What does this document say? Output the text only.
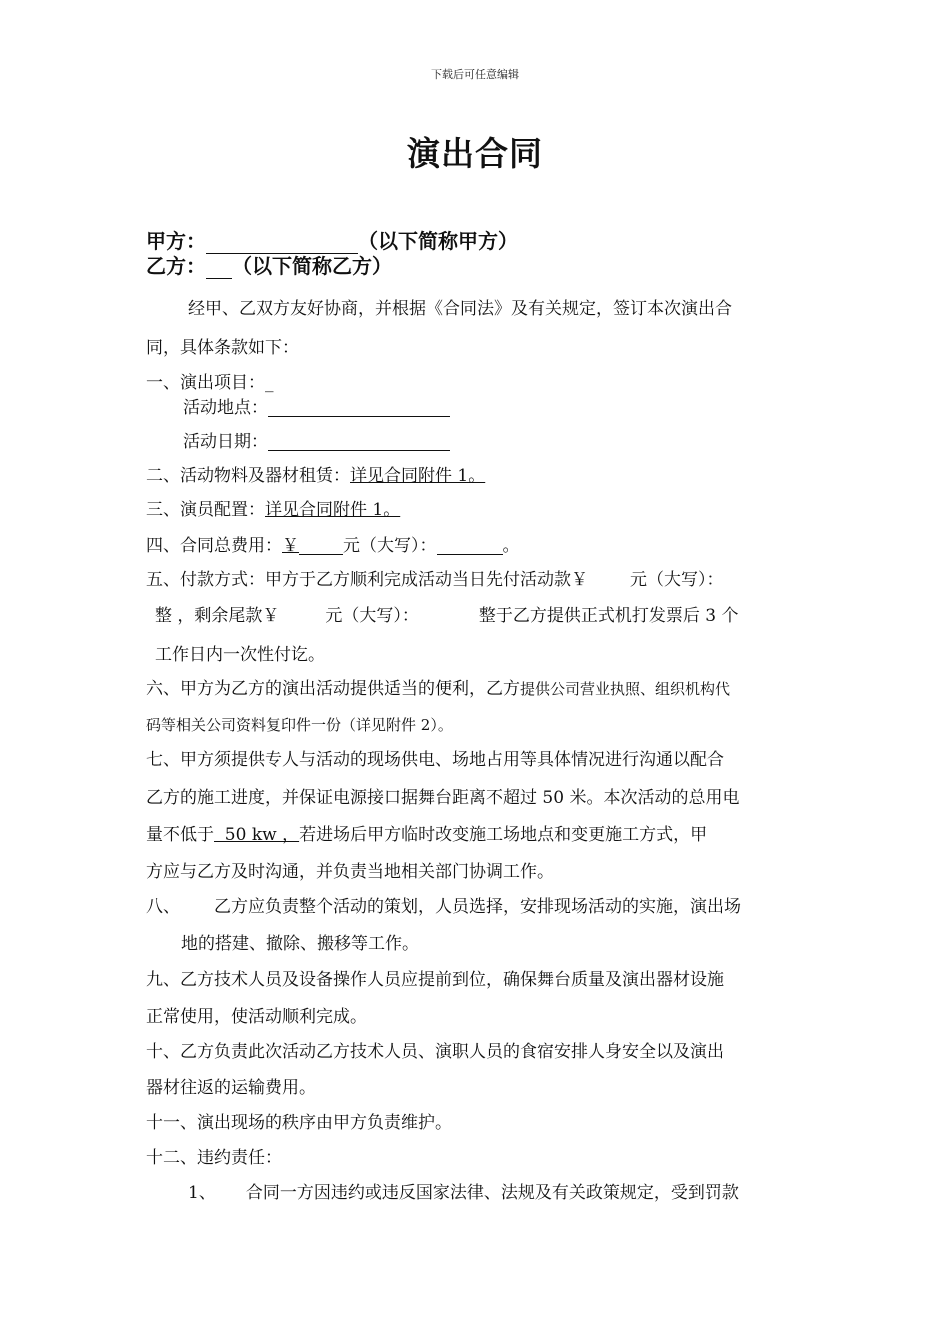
下载后可任意编辑
演出合同
甲方：	（以下简称甲方）
乙方： （以下简称乙方）
经甲、乙双方友好协商，并根据《合同法》及有关规定，签订本次演出合
同，具体条款如下：
一、演出项目：_
活动地点：
活动日期：
二、活动物料及器材租赁：详见合同附件 1。
三、演员配置：详见合同附件 1。
四、合同总费用：￥	元（大写）：	。
五、付款方式：甲方于乙方顺利完成活动当日先付活动款￥ 元（大写）：
整 ，剩余尾款￥	元（大写）：	整于乙方提供正式机打发票后 3 个
工作日内一次性付讫。
六、甲方为乙方的演出活动提供适当的便利，乙方提供公司营业执照、组织机构代
码等相关公司资料复印件一份（详见附件 2）。
七、甲方须提供专人与活动的现场供电、场地占用等具体情况进行沟通以配合
乙方的施工进度，并保证电源接口据舞台距离不超过 50 米。本次活动的总用电
量不低于  50 kw ，若进场后甲方临时改变施工场地点和变更施工方式，甲
方应与乙方及时沟通，并负责当地相关部门协调工作。
八、 乙方应负责整个活动的策划，人员选择，安排现场活动的实施，演出场
地的搭建、撤除、搬移等工作。
九、乙方技术人员及设备操作人员应提前到位，确保舞台质量及演出器材设施
正常使用，使活动顺利完成。
十、乙方负责此次活动乙方技术人员、演职人员的食宿安排人身安全以及演出
器材往返的运输费用。
十一、演出现场的秩序由甲方负责维护。
十二、违约责任：
1、 合同一方因违约或违反国家法律、法规及有关政策规定，受到罚款
